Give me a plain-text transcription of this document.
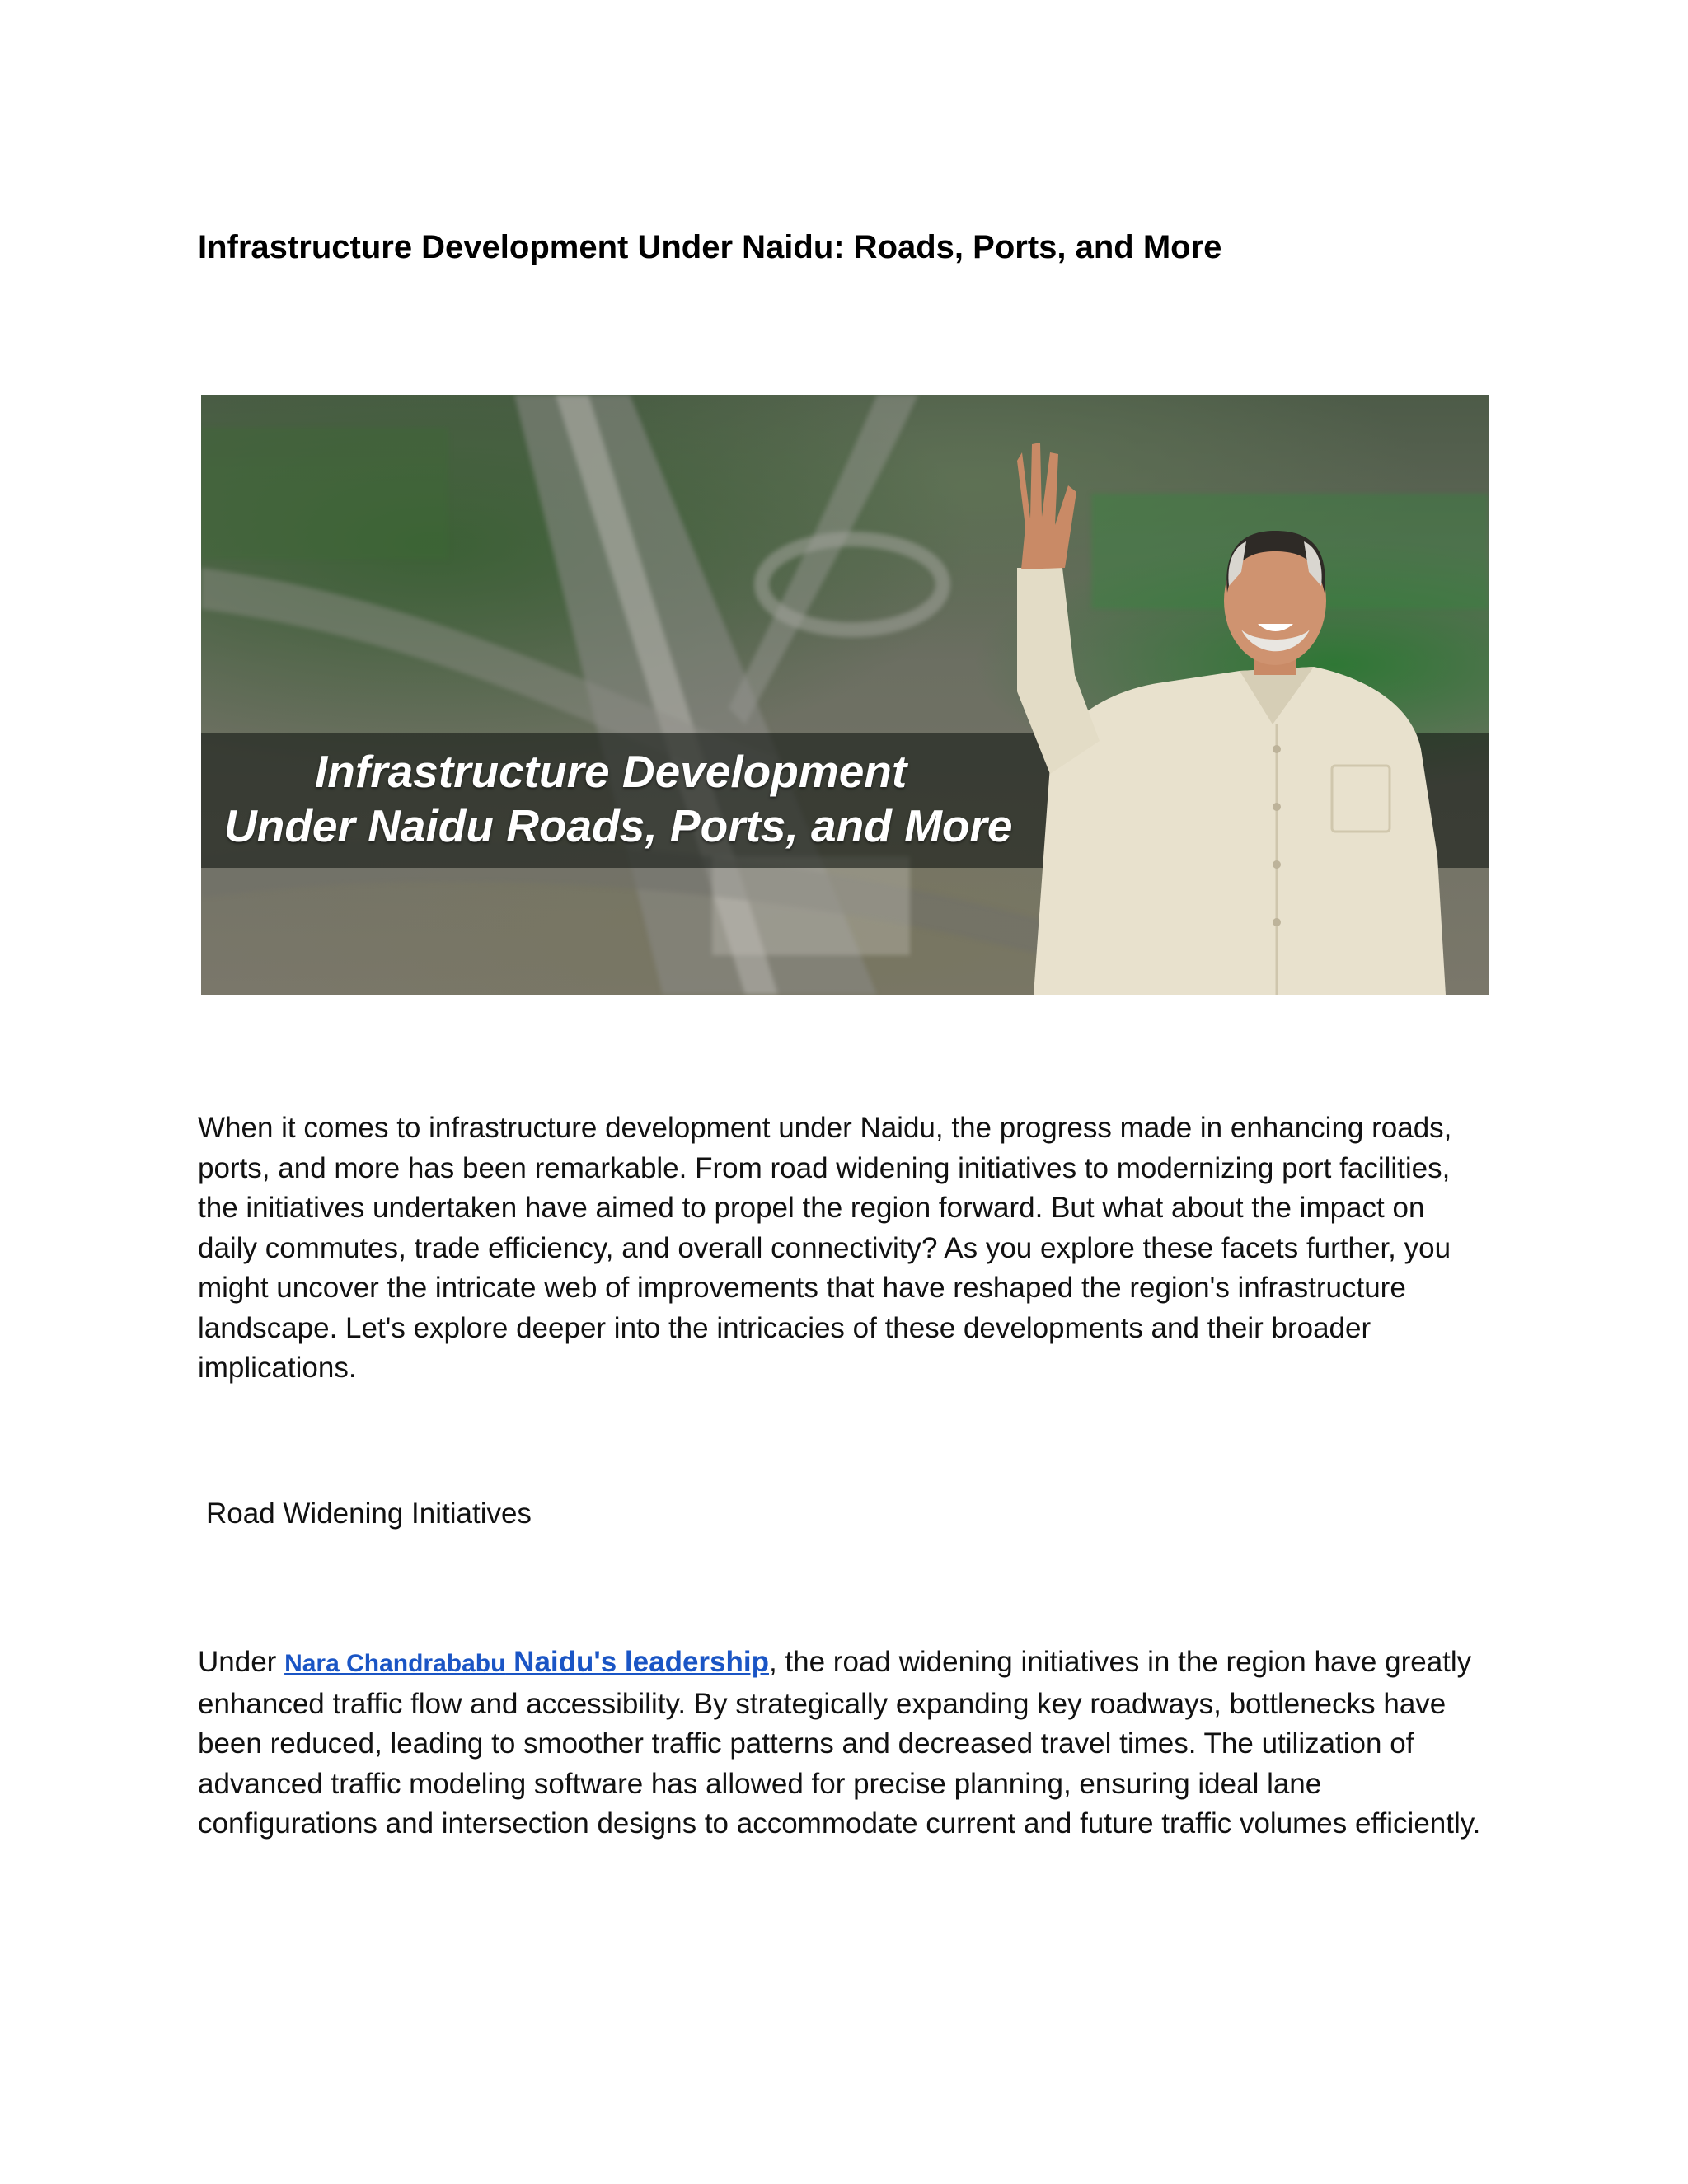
Infrastructure Development Under Naidu: Roads, Ports, and More
Infrastructure Development
Under Naidu Roads, Ports, and More

When it comes to infrastructure development under Naidu, the progress made in enhancing roads, ports, and more has been remarkable. From road widening initiatives to modernizing port facilities, the initiatives undertaken have aimed to propel the region forward. But what about the impact on daily commutes, trade efficiency, and overall connectivity? As you explore these facets further, you might uncover the intricate web of improvements that have reshaped the region's infrastructure landscape. Let's explore deeper into the intricacies of these developments and their broader implications.

Road Widening Initiatives

Under Nara Chandrababu Naidu's leadership, the road widening initiatives in the region have greatly enhanced traffic flow and accessibility. By strategically expanding key roadways, bottlenecks have been reduced, leading to smoother traffic patterns and decreased travel times. The utilization of advanced traffic modeling software has allowed for precise planning, ensuring ideal lane configurations and intersection designs to accommodate current and future traffic volumes efficiently.
